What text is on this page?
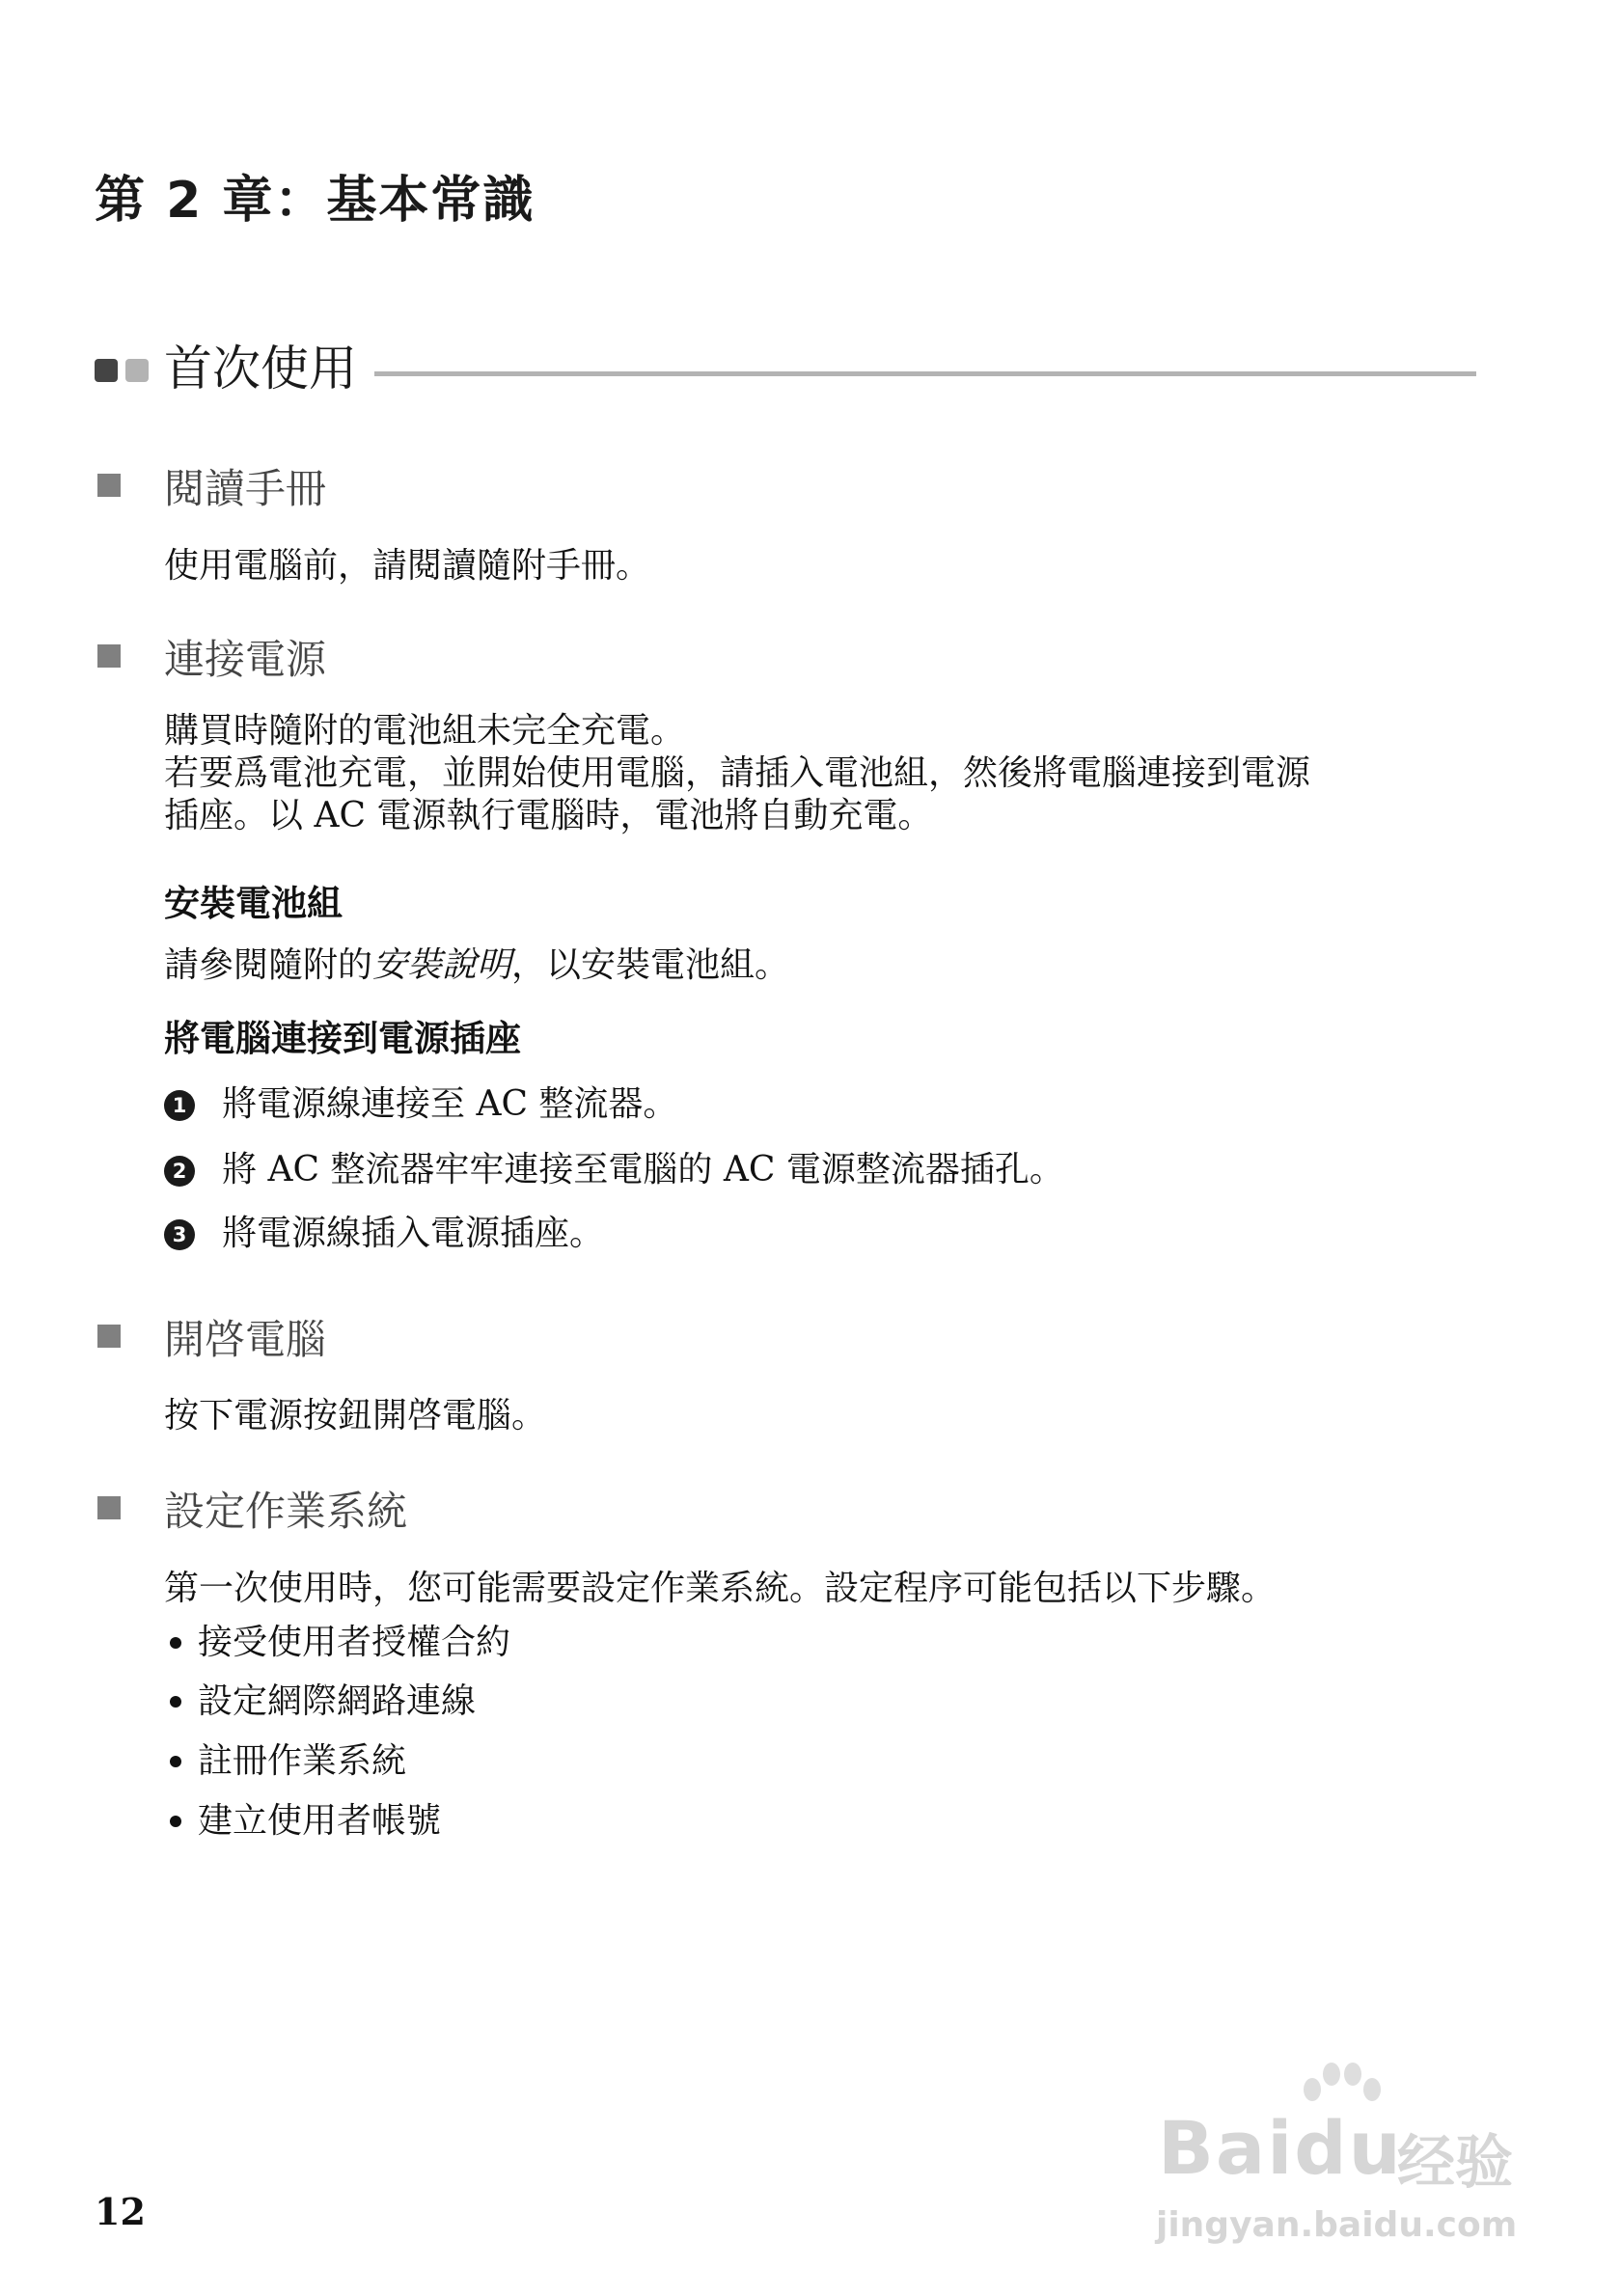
第 2 章：基本常識
首次使用
閱讀手冊
使用電腦前，請閱讀隨附手冊。
連接電源
購買時隨附的電池組未完全充電。
若要爲電池充電，並開始使用電腦，請插入電池組，然後將電腦連接到電源
插座。以 AC 電源執行電腦時，電池將自動充電。
安裝電池組
請參閱隨附的安裝說明，以安裝電池組。
將電腦連接到電源插座
1 將電源線連接至 AC 整流器。
2 將 AC 整流器牢牢連接至電腦的 AC 電源整流器插孔。
3 將電源線插入電源插座。
開啓電腦
按下電源按鈕開啓電腦。
設定作業系統
第一次使用時，您可能需要設定作業系統。設定程序可能包括以下步驟。
接受使用者授權合約
設定網際網路連線
註冊作業系統
建立使用者帳號
12
Baidu
经验
jingyan.baidu.com
